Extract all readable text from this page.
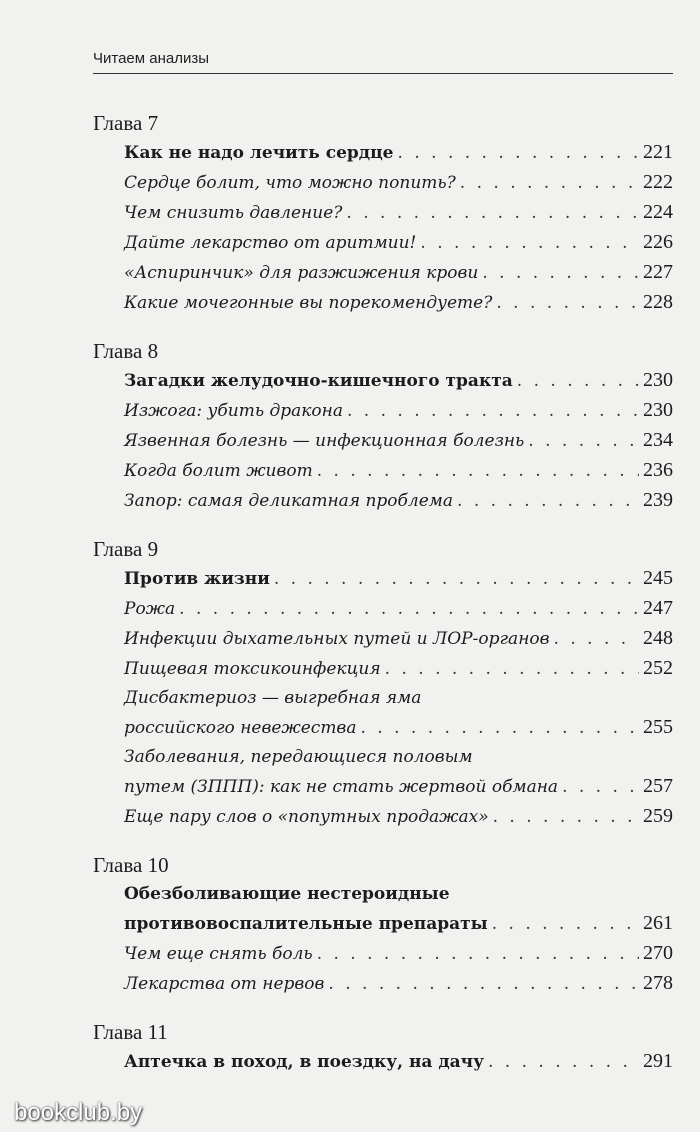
Читаем анализы
Глава 7
Как не надо лечить сердце . . .	221
Сердце болит, что можно попить? . . .	222
Чем снизить давление? . . .	224
Дайте лекарство от аритмии! . . .	226
«Аспиринчик» для разжижения крови . . .	227
Какие мочегонные вы порекомендуете? . . .	228
Глава 8
Загадки желудочно-кишечного тракта . . .	230
Изжога: убить дракона . . .	230
Язвенная болезнь — инфекционная болезнь . . .	234
Когда болит живот . . .	236
Запор: самая деликатная проблема . . .	239
Глава 9
Против жизни . . .	245
Рожа . . .	247
Инфекции дыхательных путей и ЛОР-органов . . .	248
Пищевая токсикоинфекция . . .	252
Дисбактериоз — выгребная яма
российского невежества . . .	255
Заболевания, передающиеся половым
путем (ЗППП): как не стать жертвой обмана . . .	257
Еще пару слов о «попутных продажах» . . .	259
Глава 10
Обезболивающие нестероидные
противовоспалительные препараты . . .	261
Чем еще снять боль . . .	270
Лекарства от нервов . . .	278
Глава 11
Аптечка в поход, в поездку, на дачу . . .	291
bookclub.by
